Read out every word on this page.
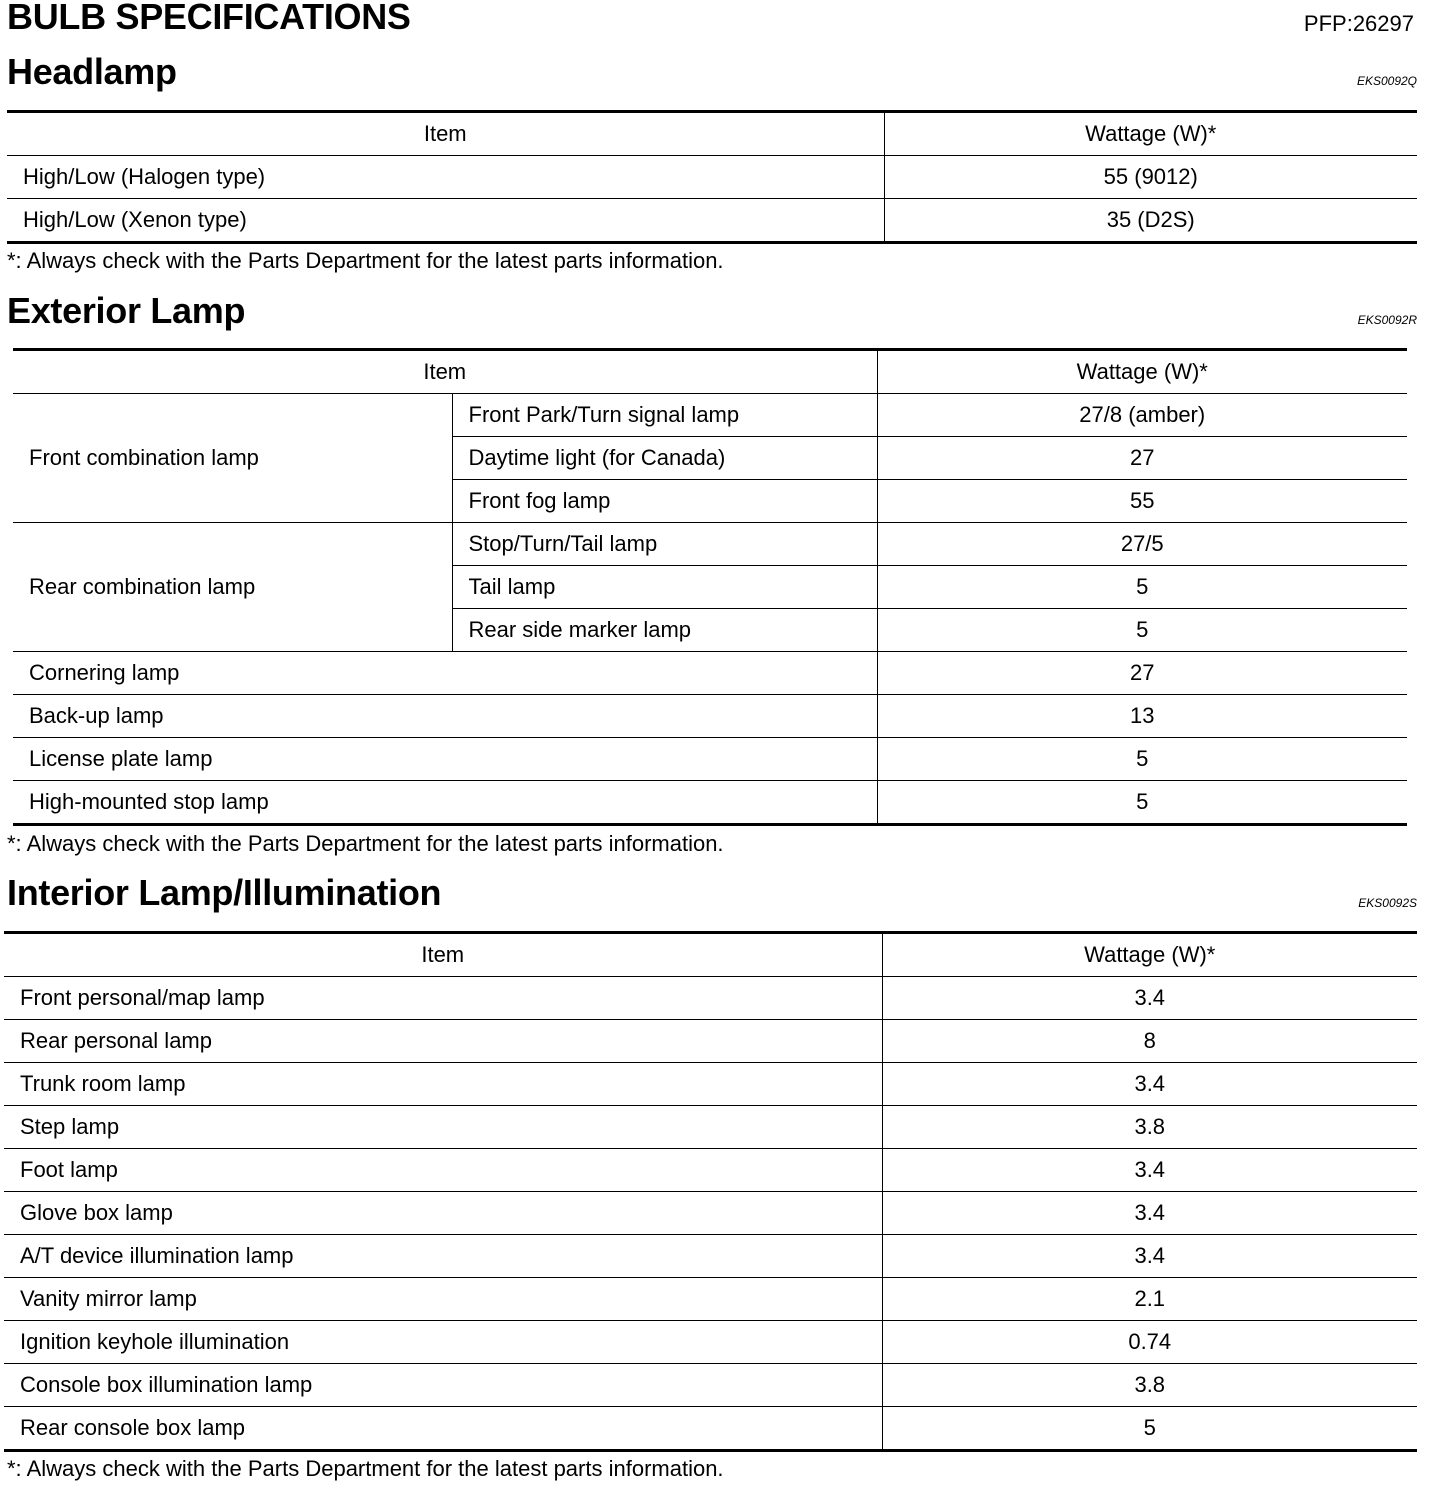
BULB SPECIFICATIONS	PFP:26297
Headlamp	EKS0092Q
Item	Wattage (W)*
High/Low (Halogen type)	55 (9012)
High/Low (Xenon type)	35 (D2S)
*: Always check with the Parts Department for the latest parts information.
Exterior Lamp	EKS0092R
Item		Wattage (W)*
Front combination lamp	Front Park/Turn signal lamp	27/8 (amber)
	Daytime light (for Canada)	27
	Front fog lamp	55
Rear combination lamp	Stop/Turn/Tail lamp	27/5
	Tail lamp	5
	Rear side marker lamp	5
Cornering lamp		27
Back-up lamp		13
License plate lamp		5
High-mounted stop lamp		5
*: Always check with the Parts Department for the latest parts information.
Interior Lamp/Illumination	EKS0092S
Item	Wattage (W)*
Front personal/map lamp	3.4
Rear personal lamp	8
Trunk room lamp	3.4
Step lamp	3.8
Foot lamp	3.4
Glove box lamp	3.4
A/T device illumination lamp	3.4
Vanity mirror lamp	2.1
Ignition keyhole illumination	0.74
Console box illumination lamp	3.8
Rear console box lamp	5
*: Always check with the Parts Department for the latest parts information.
